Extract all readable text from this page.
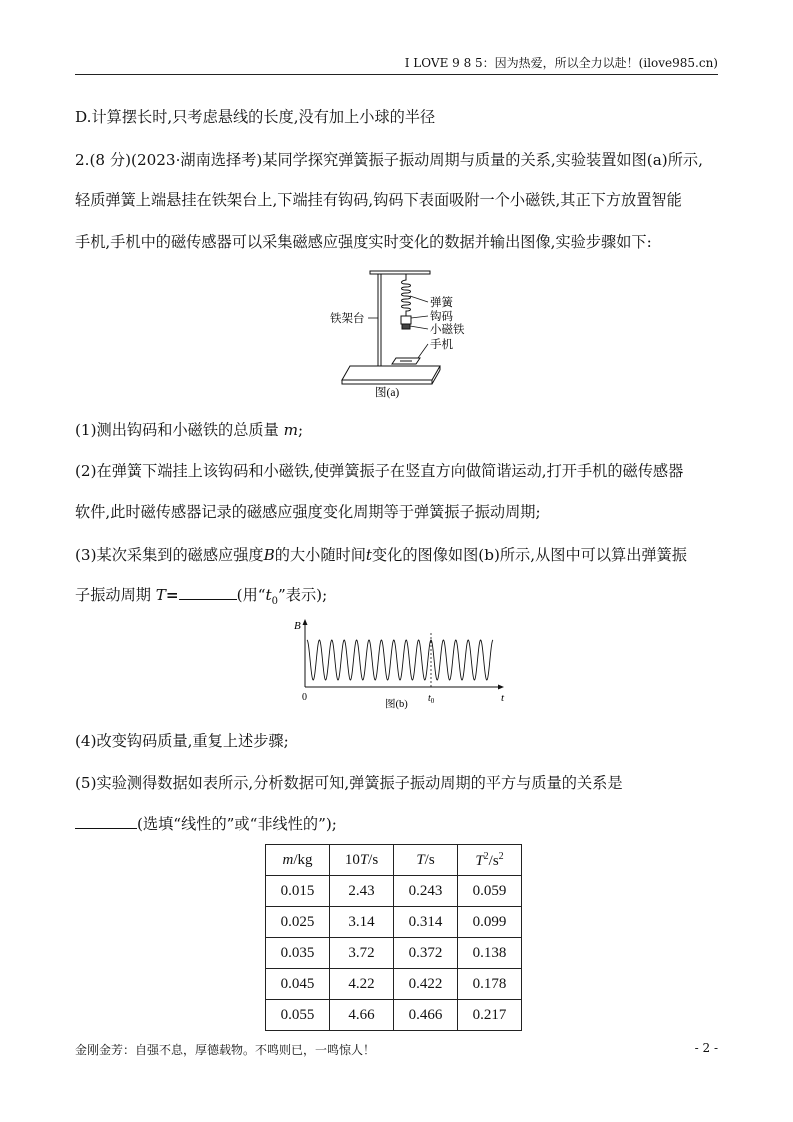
I LOVE 9 8 5：因为热爱，所以全力以赴！(ilove985.cn)
D.计算摆长时,只考虑悬线的长度,没有加上小球的半径
2.(8 分)(2023·湖南选择考)某同学探究弹簧振子振动周期与质量的关系,实验装置如图(a)所示,
轻质弹簧上端悬挂在铁架台上,下端挂有钩码,钩码下表面吸附一个小磁铁,其正下方放置智能
手机,手机中的磁传感器可以采集磁感应强度实时变化的数据并输出图像,实验步骤如下:
铁架台
弹簧
钩码
小磁铁
手机
图(a)
(1)测出钩码和小磁铁的总质量 m;
(2)在弹簧下端挂上该钩码和小磁铁,使弹簧振子在竖直方向做简谐运动,打开手机的磁传感器
软件,此时磁传感器记录的磁感应强度变化周期等于弹簧振子振动周期;
(3)某次采集到的磁感应强度B的大小随时间t变化的图像如图(b)所示,从图中可以算出弹簧振
子振动周期 T=	(用“$t_0$”表示);
B
t
0	$t_0$
图(b)
(4)改变钩码质量,重复上述步骤;
(5)实验测得数据如表所示,分析数据可知,弹簧振子振动周期的平方与质量的关系是
(选填“线性的”或“非线性的”);
m/kg	10T/s	T/s	$T^2/s^2$
0.015	2.43	0.243	0.059
0.025	3.14	0.314	0.099
0.035	3.72	0.372	0.138
0.045	4.22	0.422	0.178
0.055	4.66	0.466	0.217
金刚金芳：自强不息，厚德载物。不鸣则已，一鸣惊人！	- 2 -
